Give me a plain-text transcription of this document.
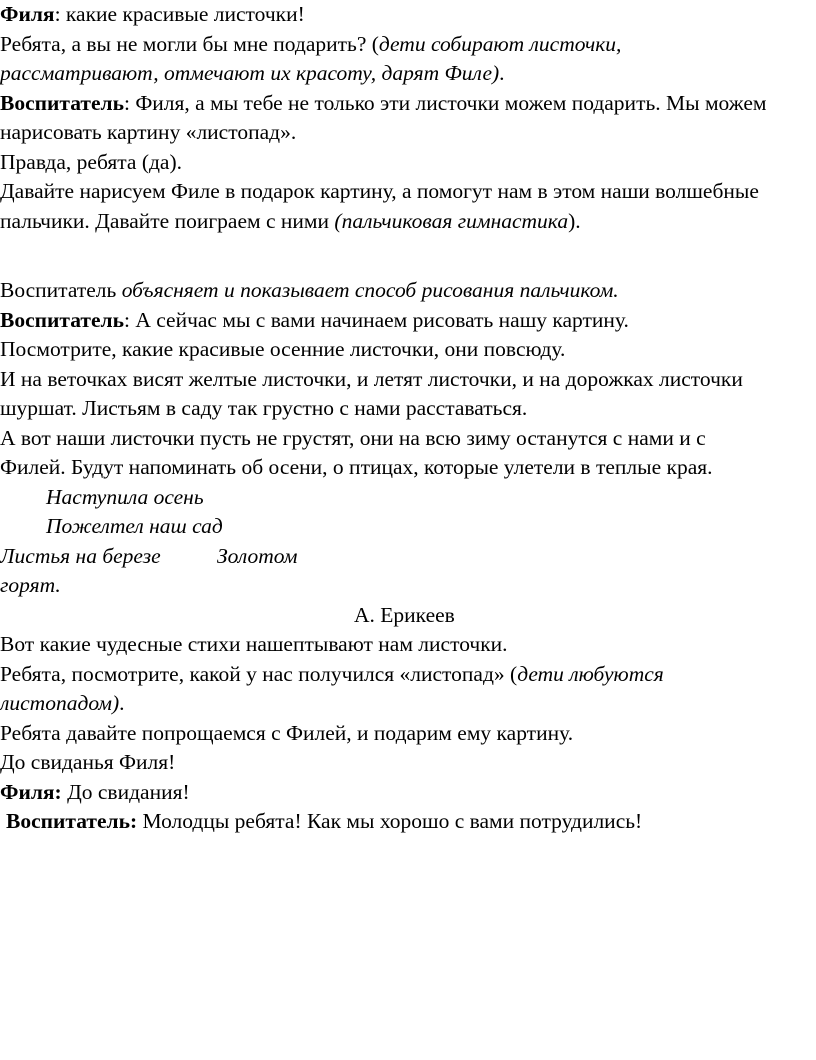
Филя: какие красивые листочки!
Ребята, а вы не могли бы мне подарить? (дети собирают листочки,
рассматривают, отмечают их красоту, дарят Филе).
Воспитатель: Филя, а мы тебе не только эти листочки можем подарить. Мы можем
нарисовать картину «листопад».
Правда, ребята (да).
Давайте нарисуем Филе в подарок картину, а помогут нам в этом наши волшебные
пальчики. Давайте поиграем с ними (пальчиковая гимнастика).
Воспитатель объясняет и показывает способ рисования пальчиком.
Воспитатель: А сейчас мы с вами начинаем рисовать нашу картину.
Посмотрите, какие красивые осенние листочки, они повсюду.
И на веточках висят желтые листочки, и летят листочки, и на дорожках листочки
шуршат. Листьям в саду так грустно с нами расставаться.
А вот наши листочки пусть не грустят, они на всю зиму останутся с нами и с
Филей. Будут напоминать об осени, о птицах, которые улетели в теплые края.
Наступила осень
Пожелтел наш сад
Листья на березе	Золотом
горят.
А. Ерикеев
Вот какие чудесные стихи нашептывают нам листочки.
Ребята, посмотрите, какой у нас получился «листопад» (дети любуются
листопадом).
Ребята давайте попрощаемся с Филей, и подарим ему картину.
До свиданья Филя!
Филя: До свидания!
Воспитатель: Молодцы ребята! Как мы хорошо с вами потрудились!
